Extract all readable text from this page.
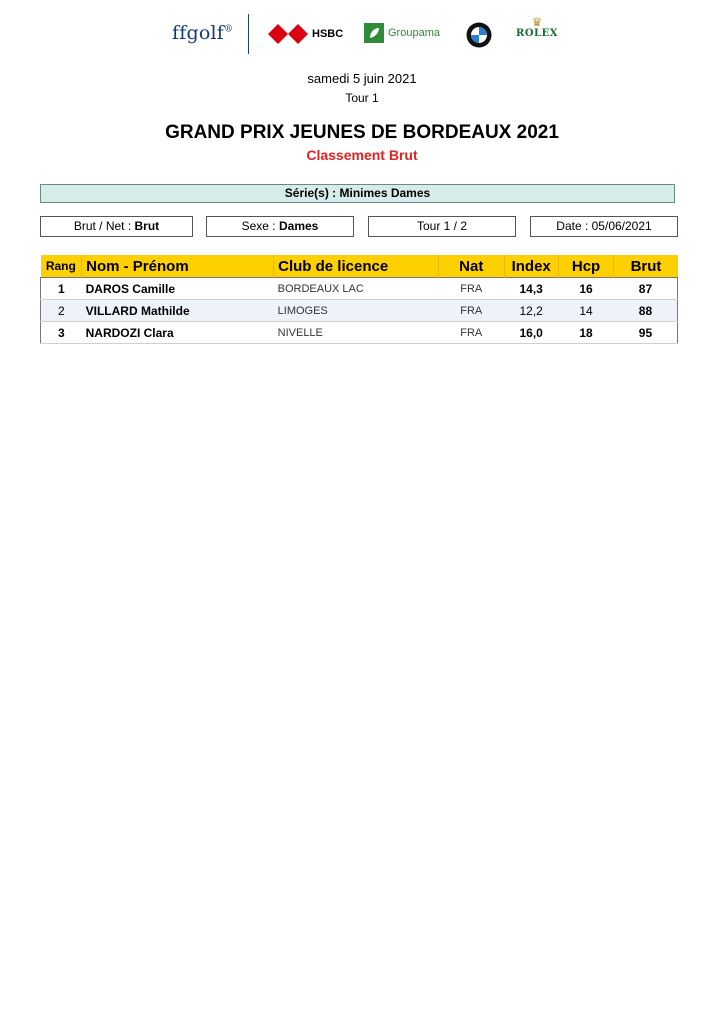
ffgolf®	HSBC	Groupama
♛
ROLEX
samedi 5 juin 2021
Tour 1
GRAND PRIX JEUNES DE BORDEAUX 2021
Classement Brut
Série(s) : Minimes Dames
Brut / Net : Brut	Sexe : Dames	Tour 1 / 2	Date : 05/06/2021
Rang	Nom - Prénom	Club de licence	Nat	Index	Hcp	Brut
1	DAROS Camille	BORDEAUX LAC	FRA	14,3	16	87
2	VILLARD Mathilde	LIMOGES	FRA	12,2	14	88
3	NARDOZI Clara	NIVELLE	FRA	16,0	18	95
